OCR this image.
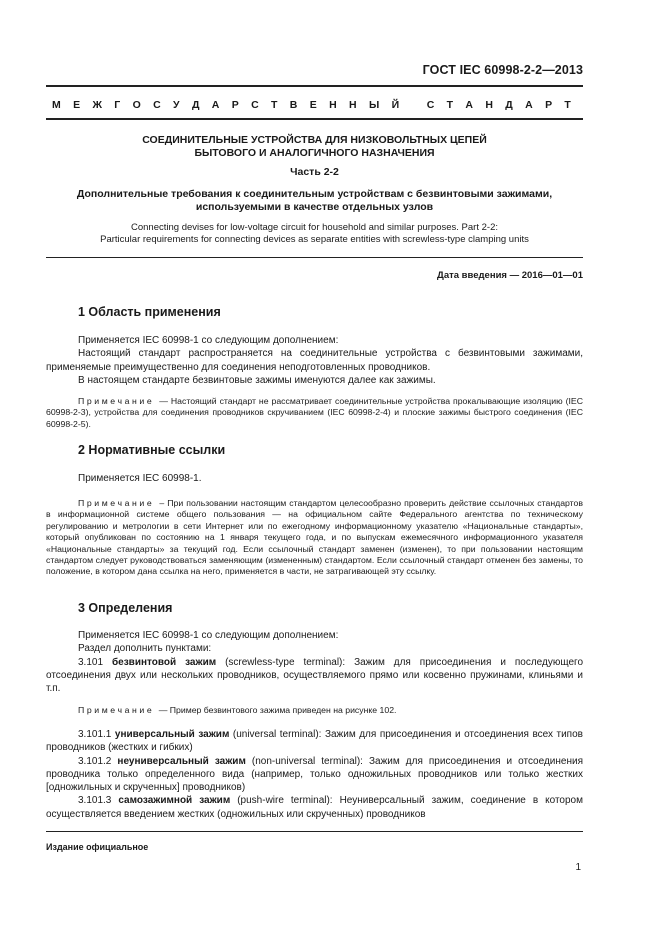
ГОСТ IEC 60998-2-2—2013
М Е Ж Г О С У Д А Р С Т В Е Н Н Ы Й
	С Т А Н Д А Р Т
СОЕДИНИТЕЛЬНЫЕ УСТРОЙСТВА ДЛЯ НИЗКОВОЛЬТНЫХ ЦЕПЕЙ
БЫТОВОГО И АНАЛОГИЧНОГО НАЗНАЧЕНИЯ
Часть 2-2
Дополнительные требования к соединительным устройствам с безвинтовыми зажимами,
используемыми в качестве отдельных узлов
Connecting devises for low-voltage circuit for household and similar purposes. Part 2-2:
Particular requirements for connecting devices as separate entities with screwless-type clamping units
Дата введения — 2016—01—01
1 Область применения

Применяется IEC 60998-1 со следующим дополнением:

Настоящий стандарт распространяется на соединительные устройства с безвинтовыми зажимами, применяемые преимущественно для соединения неподготовленных проводников.

В настоящем стандарте безвинтовые зажимы именуются далее как зажимы.

Примечание — Настоящий стандарт не рассматривает соединительные устройства прокалывающие изоляцию (IEC 60998-2-3), устройства для соединения проводников скручиванием (IEC 60998-2-4) и плоские зажимы быстрого соединения (IEC 60998-2-5).

2 Нормативные ссылки

Применяется IEC 60998-1.

Примечание – При пользовании настоящим стандартом целесообразно проверить действие ссылочных стандартов в информационной системе общего пользования — на официальном сайте Федерального агентства по техническому регулированию и метрологии в сети Интернет или по ежегодному информационному указателю «Национальные стандарты», который опубликован по состоянию на 1 января текущего года, и по выпускам ежемесячного информационного указателя «Национальные стандарты» за текущий год. Если ссылочный стандарт заменен (изменен), то при пользовании настоящим стандартом следует руководствоваться заменяющим (измененным) стандартом. Если ссылочный стандарт отменен без замены, то положение, в котором дана ссылка на него, применяется в части, не затрагивающей эту ссылку.

3 Определения

Применяется IEC 60998-1 со следующим дополнением:

Раздел дополнить пунктами:

3.101 безвинтовой зажим (screwless-type terminal): Зажим для присоединения и последующего отсоединения двух или нескольких проводников, осуществляемого прямо или косвенно пружинами, клиньями и т.п.

Примечание — Пример безвинтового зажима приведен на рисунке 102.

3.101.1 универсальный зажим (universal terminal): Зажим для присоединения и отсоединения всех типов проводников (жестких и гибких)

3.101.2 неуниверсальный зажим (non-universal terminal): Зажим для присоединения и отсоединения проводника только определенного вида (например, только одножильных проводников или только жестких [одножильных и скрученных] проводников)

3.101.3 самозажимной зажим (push-wire terminal): Неуниверсальный зажим, соединение в котором осуществляется введением жестких (одножильных или скрученных) проводников

Издание официальное
1
